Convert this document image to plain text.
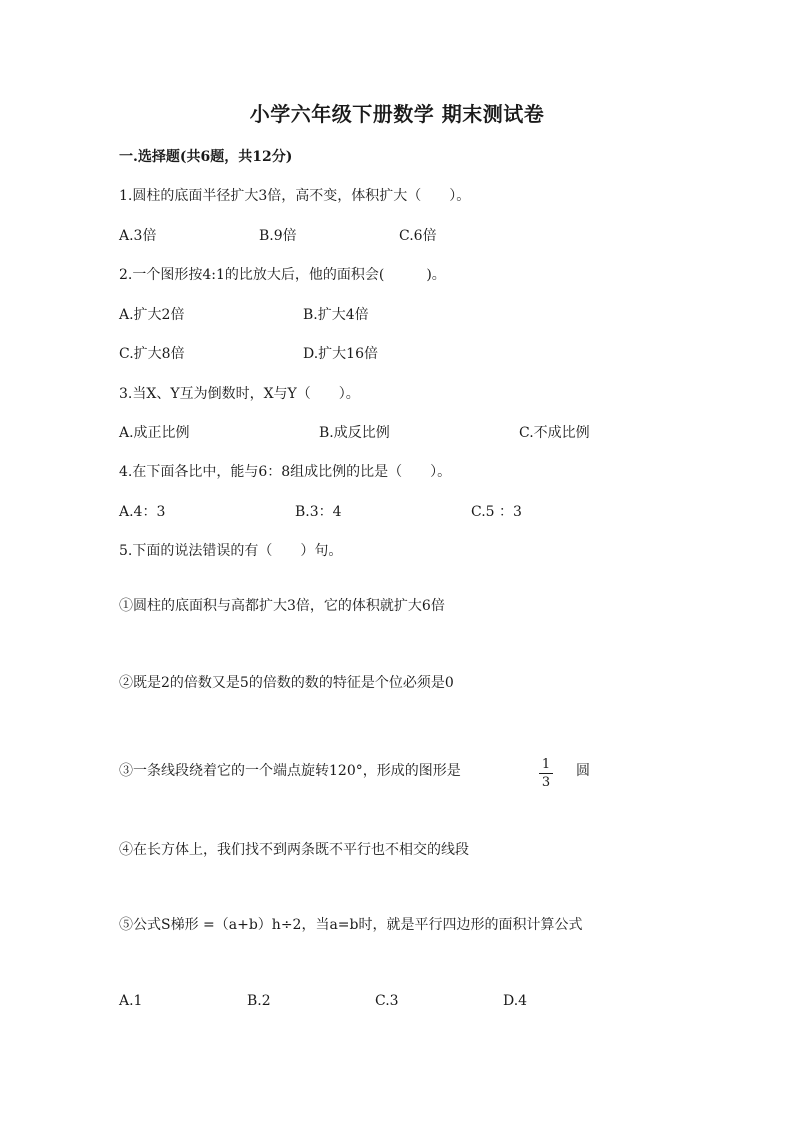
小学六年级下册数学 期末测试卷
一.选择题(共6题，共12分)
1.圆柱的底面半径扩大3倍，高不变，体积扩大（　　）。
A.3倍	B.9倍	C.6倍
2.一个图形按4:1的比放大后，他的面积会(　　　)。
A.扩大2倍	B.扩大4倍
C.扩大8倍	D.扩大16倍
3.当X、Y互为倒数时，X与Y（　　）。
A.成正比例	B.成反比例	C.不成比例
4.在下面各比中，能与6：8组成比例的比是（　　）。
A.4：3	B.3：4	C.5 ：3
5.下面的说法错误的有（　　）句。
①圆柱的底面积与高都扩大3倍，它的体积就扩大6倍
②既是2的倍数又是5的倍数的数的特征是个位必须是0
③一条线段绕着它的一个端点旋转120°，形成的图形是	1
3
圆
④在长方体上，我们找不到两条既不平行也不相交的线段
⑤公式S梯形 =（a+b）h÷2，当a=b时，就是平行四边形的面积计算公式
A.1	B.2	C.3	D.4
